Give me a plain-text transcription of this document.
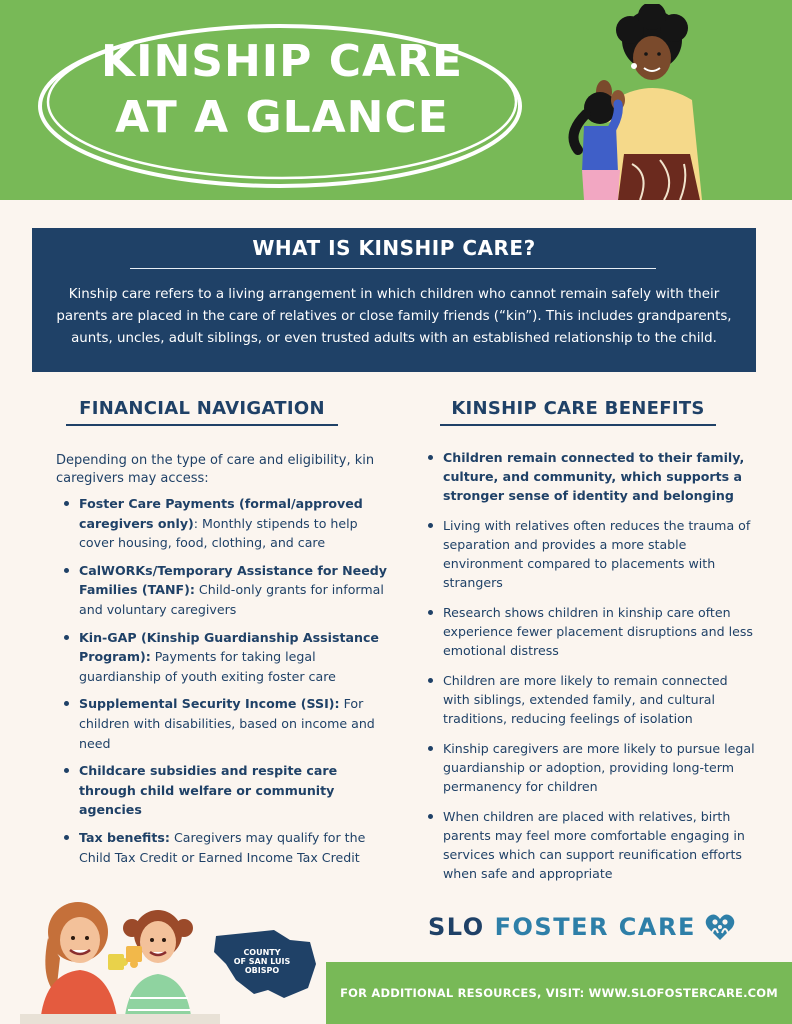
KINSHIP CARE
AT A GLANCE
WHAT IS KINSHIP CARE?
Kinship care refers to a living arrangement in which children who cannot remain safely with their parents are placed in the care of relatives or close family friends (“kin”). This includes grandparents, aunts, uncles, adult siblings, or even trusted adults with an established relationship to the child.
FINANCIAL NAVIGATION
Depending on the type of care and eligibility, kin caregivers may access:
Foster Care Payments (formal/approved caregivers only): Monthly stipends to help cover housing, food, clothing, and care
CalWORKs/Temporary Assistance for Needy Families (TANF): Child-only grants for informal and voluntary caregivers
Kin-GAP (Kinship Guardianship Assistance Program): Payments for taking legal guardianship of youth exiting foster care
Supplemental Security Income (SSI): For children with disabilities, based on income and need
Childcare subsidies and respite care through child welfare or community agencies
Tax benefits: Caregivers may qualify for the Child Tax Credit or Earned Income Tax Credit
KINSHIP CARE BENEFITS
Children remain connected to their family, culture, and community, which supports a stronger sense of identity and belonging
Living with relatives often reduces the trauma of separation and provides a more stable environment compared to placements with strangers
Research shows children in kinship care often experience fewer placement disruptions and less emotional distress
Children are more likely to remain connected with siblings, extended family, and cultural traditions, reducing feelings of isolation
Kinship caregivers are more likely to pursue legal guardianship or adoption, providing long-term permanency for children
When children are placed with relatives, birth parents may feel more comfortable engaging in services which can support reunification efforts when safe and appropriate
COUNTY
OF SAN LUIS
OBISPO
SLO FOSTER CARE
FOR ADDITIONAL RESOURCES, VISIT: WWW.SLOFOSTERCARE.COM
